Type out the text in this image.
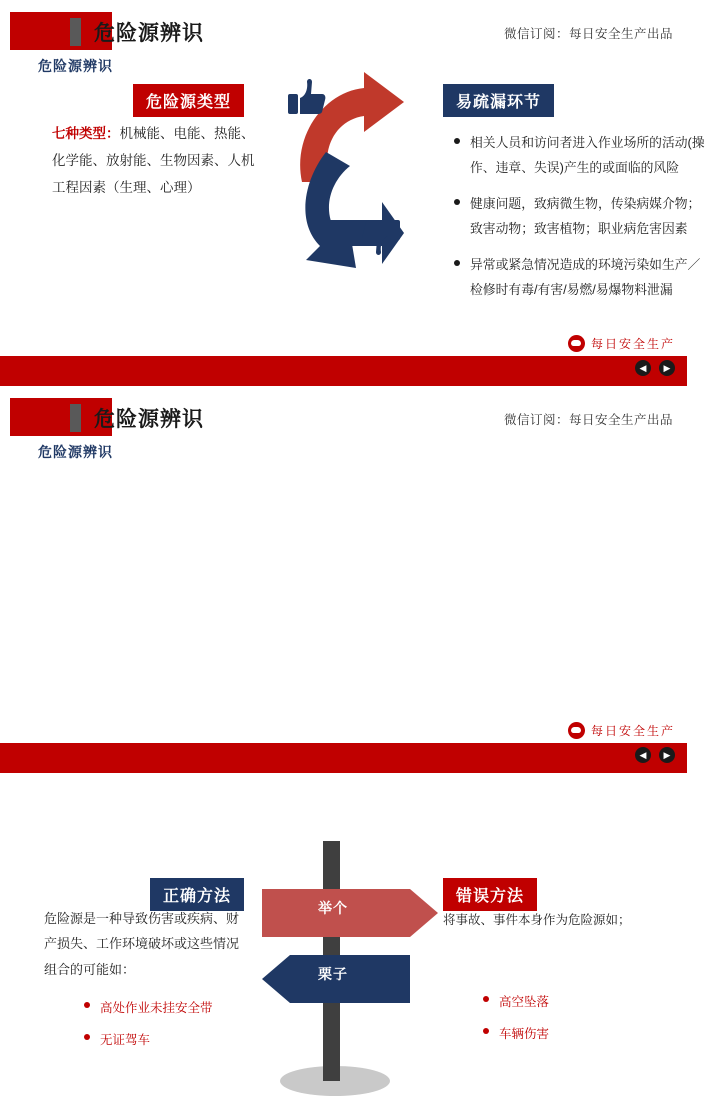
危险源辨识
危险源辨识
微信订阅：每日安全生产出品
危险源类型	易疏漏环节
七种类型：机械能、电能、热能、化学能、放射能、生物因素、人机工程因素（生理、心理）
相关人员和访问者进入作业场所的活动(操作、违章、失误)产生的或面临的风险
健康问题，致病微生物，传染病媒介物；致害动物；致害植物；职业病危害因素
异常或紧急情况造成的环境污染如生产／检修时有毒/有害/易燃/易爆物料泄漏
每日安全生产
◀	▶
危险源辨识
危险源辨识
微信订阅：每日安全生产出品
正确方法	错误方法
危险源是一种导致伤害或疾病、财产损失、工作环境破坏或这些情况组合的可能如：
高处作业未挂安全带
无证驾车
将事故、事件本身作为危险源如；
高空坠落
车辆伤害
举个
栗子
每日安全生产
◀	▶
